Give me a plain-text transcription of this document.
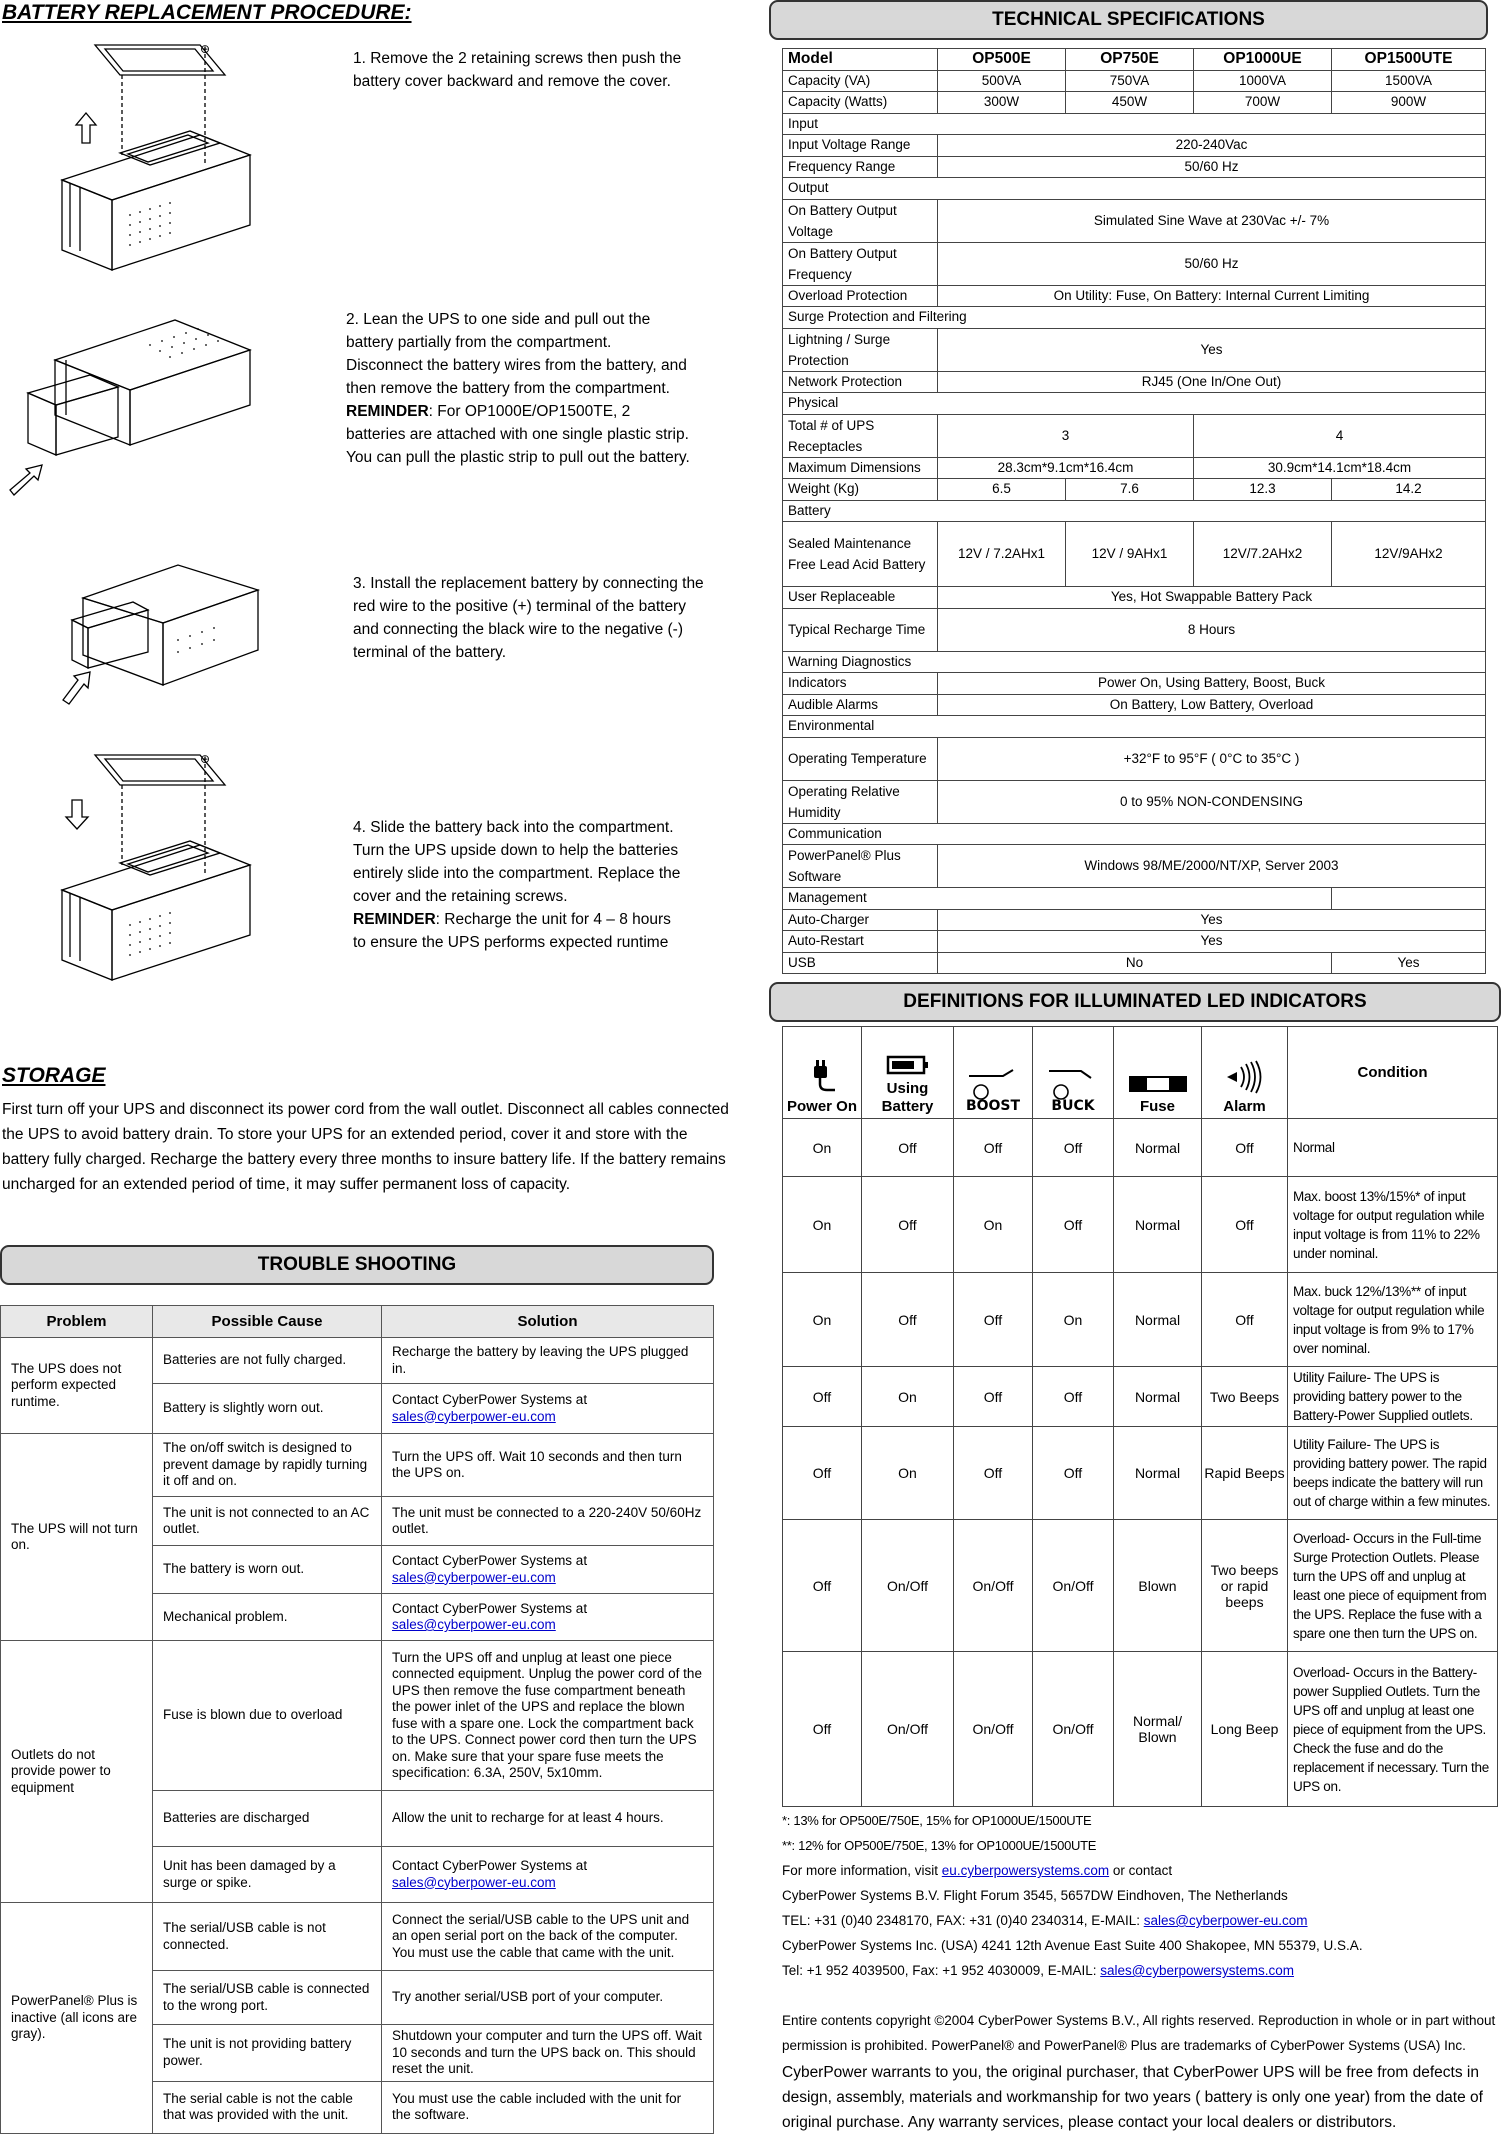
BATTERY REPLACEMENT PROCEDURE:
⊕
1. Remove the 2 retaining screws then push the battery cover backward and remove the cover.
2. Lean the UPS to one side and pull out the battery partially from the compartment. Disconnect the battery wires from the battery, and then remove the battery from the compartment.
REMINDER: For OP1000E/OP1500TE, 2 batteries are attached with one single plastic strip. You can pull the plastic strip to pull out the battery.
3. Install the replacement battery by connecting the red wire to the positive (+) terminal of the battery and connecting the black wire to the negative (-) terminal of the battery.
⊕
4. Slide the battery back into the compartment. Turn the UPS upside down to help the batteries entirely slide into the compartment. Replace the cover and the retaining screws.
REMINDER: Recharge the unit for 4 – 8 hours to ensure the UPS performs expected runtime
STORAGE
First turn off your UPS and disconnect its power cord from the wall outlet. Disconnect all cables connected the UPS to avoid battery drain. To store your UPS for an extended period, cover it and store with the battery fully charged. Recharge the battery every three months to insure battery life. If the battery remains uncharged for an extended period of time, it may suffer permanent loss of capacity.
TROUBLE SHOOTING
Problem	Possible Cause	Solution
The UPS does not perform expected runtime.	Batteries are not fully charged.	Recharge the battery by leaving the UPS plugged in.
	Battery is slightly worn out.	Contact CyberPower Systems at
sales@cyberpower-eu.com
The UPS will not turn on.	The on/off switch is designed to prevent damage by rapidly turning it off and on.	Turn the UPS off. Wait 10 seconds and then turn the UPS on.
	The unit is not connected to an AC outlet.	The unit must be connected to a 220-240V 50/60Hz outlet.
	The battery is worn out.	Contact CyberPower Systems at
sales@cyberpower-eu.com
	Mechanical problem.	Contact CyberPower Systems at
sales@cyberpower-eu.com
Outlets do not provide power to equipment	Fuse is blown due to overload	Turn the UPS off and unplug at least one piece connected equipment. Unplug the power cord of the UPS then remove the fuse compartment beneath the power inlet of the UPS and replace the blown fuse with a spare one. Lock the compartment back to the UPS. Connect power cord then turn the UPS on. Make sure that your spare fuse meets the specification: 6.3A, 250V, 5x10mm.
	Batteries are discharged	Allow the unit to recharge for at least 4 hours.
	Unit has been damaged by a surge or spike.	Contact CyberPower Systems at
sales@cyberpower-eu.com
PowerPanel® Plus is inactive (all icons are gray).	The serial/USB cable is not connected.	Connect the serial/USB cable to the UPS unit and an open serial port on the back of the computer. You must use the cable that came with the unit.
	The serial/USB cable is connected to the wrong port.	Try another serial/USB port of your computer.
	The unit is not providing battery power.	Shutdown your computer and turn the UPS off. Wait 10 seconds and turn the UPS back on. This should reset the unit.
	The serial cable is not the cable that was provided with the unit.	You must use the cable included with the unit for the software.
TECHNICAL SPECIFICATIONS
Model	OP500E	OP750E	OP1000UE	OP1500UTE
Capacity (VA)	500VA	750VA	1000VA	1500VA
Capacity (Watts)	300W	450W	700W	900W
Input				
Input Voltage Range	220-240Vac			
Frequency Range	50/60 Hz			
Output				
On Battery Output Voltage	Simulated Sine Wave at 230Vac +/- 7%			
On Battery Output Frequency	50/60 Hz			
Overload Protection	On Utility: Fuse, On Battery: Internal Current Limiting			
Surge Protection and Filtering				
Lightning / Surge Protection	Yes			
Network Protection	RJ45 (One In/One Out)			
Physical				
Total # of UPS Receptacles	3		4	
Maximum Dimensions	28.3cm*9.1cm*16.4cm		30.9cm*14.1cm*18.4cm	
Weight (Kg)	6.5	7.6	12.3	14.2
Battery				
Sealed Maintenance Free Lead Acid Battery	12V / 7.2AHx1	12V / 9AHx1	12V/7.2AHx2	12V/9AHx2
User Replaceable	Yes, Hot Swappable Battery Pack			
Typical Recharge Time	8 Hours			
Warning Diagnostics				
Indicators	Power On, Using Battery, Boost, Buck			
Audible Alarms	On Battery, Low Battery, Overload			
Environmental				
Operating Temperature	+32°F to 95°F ( 0°C to 35°C )			
Operating Relative Humidity	0 to 95% NON-CONDENSING			
Communication				
PowerPanel® Plus Software	Windows 98/ME/2000/NT/XP, Server 2003			
Management				
Auto-Charger	Yes			
Auto-Restart	Yes			
USB	No			Yes
DEFINITIONS FOR ILLUMINATED LED INDICATORS
Power On	Using Battery	BOOST	BUCK	Fuse	Alarm	Condition

On	Off	Off	Off	Normal	Off	Normal
On	Off	On	Off	Normal	Off	Max. boost 13%/15%* of input voltage for output regulation while input voltage is from 11% to 22% under nominal.
On	Off	Off	On	Normal	Off	Max. buck 12%/13%** of input voltage for output regulation while input voltage is from 9% to 17% over nominal.
Off	On	Off	Off	Normal	Two Beeps	Utility Failure- The UPS is providing battery power to the Battery-Power Supplied outlets.
Off	On	Off	Off	Normal	Rapid Beeps	Utility Failure- The UPS is providing battery power. The rapid beeps indicate the battery will run out of charge within a few minutes.
Off	On/Off	On/Off	On/Off	Blown	Two beeps or rapid beeps	Overload- Occurs in the Full-time Surge Protection Outlets. Please turn the UPS off and unplug at least one piece of equipment from the UPS. Replace the fuse with a spare one then turn the UPS on.
Off	On/Off	On/Off	On/Off	Normal/ Blown	Long Beep	Overload- Occurs in the Battery-power Supplied Outlets. Turn the UPS off and unplug at least one piece of equipment from the UPS. Check the fuse and do the replacement if necessary. Turn the UPS on.
*: 13% for OP500E/750E, 15% for OP1000UE/1500UTE
**: 12% for OP500E/750E, 13% for OP1000UE/1500UTE
For more information, visit eu.cyberpowersystems.com or contact
CyberPower Systems B.V. Flight Forum 3545, 5657DW Eindhoven, The Netherlands
TEL: +31 (0)40 2348170, FAX: +31 (0)40 2340314, E-MAIL: sales@cyberpower-eu.com
CyberPower Systems Inc. (USA) 4241 12th Avenue East Suite 400 Shakopee, MN 55379, U.S.A.
Tel: +1 952 4039500, Fax: +1 952 4030009, E-MAIL: sales@cyberpowersystems.com
Entire contents copyright ©2004 CyberPower Systems B.V., All rights reserved. Reproduction in whole or in part without permission is prohibited. PowerPanel® and PowerPanel® Plus are trademarks of CyberPower Systems (USA) Inc.
CyberPower warrants to you, the original purchaser, that CyberPower UPS will be free from defects in design, assembly, materials and workmanship for two years ( battery is only one year) from the date of original purchase. Any warranty services, please contact your local dealers or distributors.
